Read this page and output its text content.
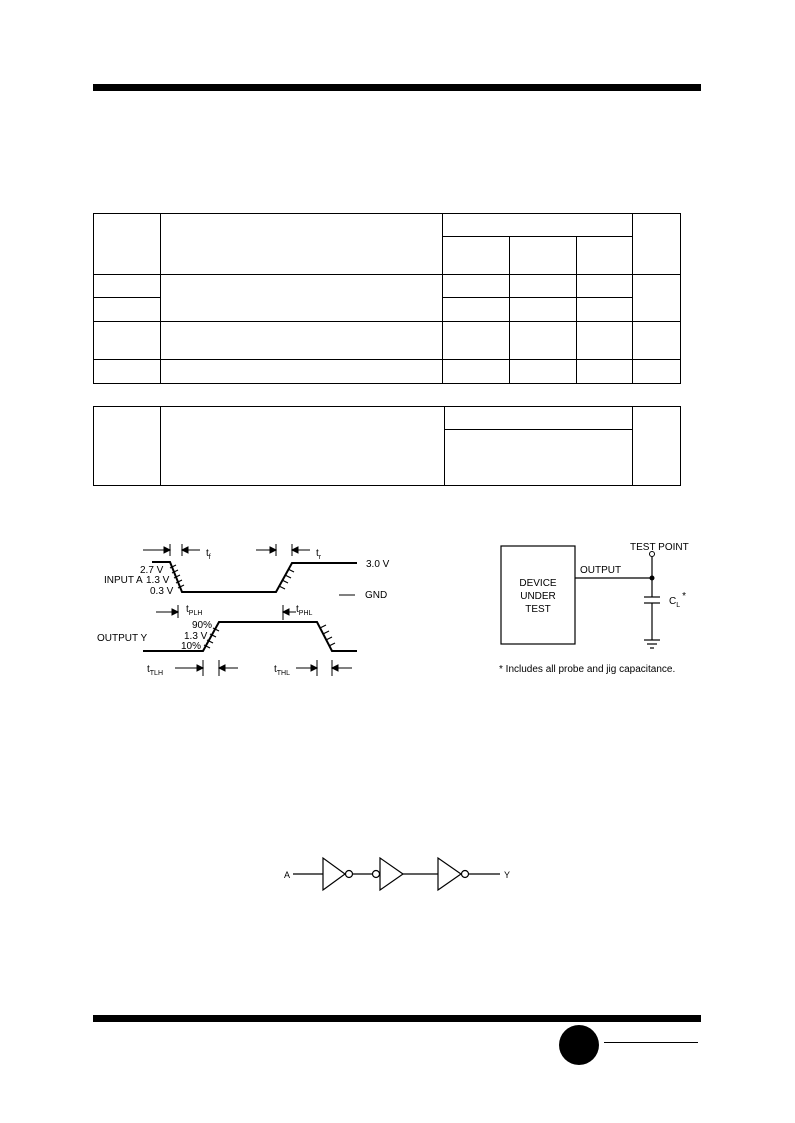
$t_f$	$t_r$
3.0 V
GND
INPUT A
2.7 V
1.3 V
0.3 V
$t_{PLH}$	$t_{PHL}$
OUTPUT Y
90%
1.3 V
10%
$t_{TLH}$	$t_{THL}$
DEVICE
UNDER
TEST
TEST POINT
OUTPUT
$C_L*$
* Includes all probe and jig capacitance.
A	Y
